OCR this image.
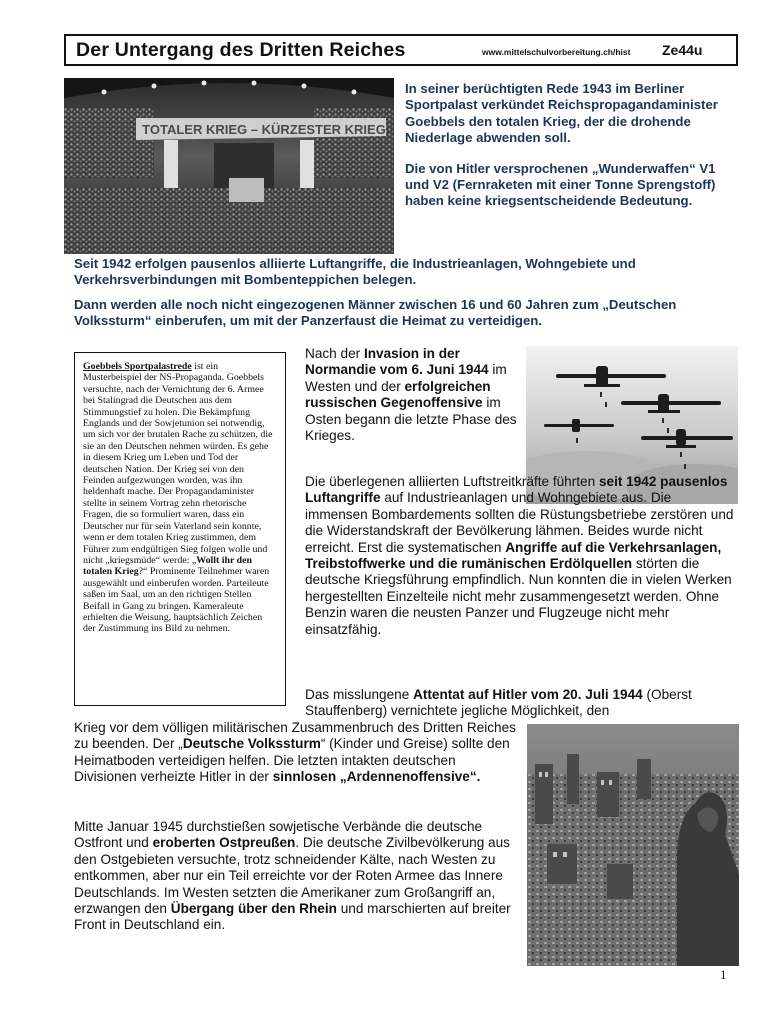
Der Untergang des Dritten Reiches	www.mittelschulvorbereitung.ch/hist Ze44u
TOTALER KRIEG – KÜRZESTER KRIEG

In seiner berüchtigten Rede 1943 im Berliner Sportpalast verkündet Reichspropagandaminister Goebbels den totalen Krieg, der die drohende Niederlage abwenden soll.

Die von Hitler versprochenen „Wunderwaffen“ V1 und V2 (Fernraketen mit einer Tonne Sprengstoff) haben keine kriegsentscheidende Bedeutung.

Seit 1942 erfolgen pausenlos alliierte Luftangriffe, die Industrieanlagen, Wohngebiete und Verkehrsverbindungen mit Bombenteppichen belegen.

Dann werden alle noch nicht eingezogenen Männer zwischen 16 und 60 Jahren zum „Deutschen Volkssturm“ einberufen, um mit der Panzerfaust die Heimat zu verteidigen.

Goebbels Sportpalastrede ist ein Musterbeispiel der NS-Propaganda. Goebbels versuchte, nach der Vernichtung der 6. Armee bei Stalingrad die Deutschen aus dem Stimmungstief zu holen. Die Bekämpfung Englands und der Sowjetunion sei notwendig, um sich vor der brutalen Rache zu schützen, die sie an den Deutschen nehmen würden. Es gehe in diesem Krieg um Leben und Tod der deutschen Nation. Der Krieg sei von den Feinden aufgezwungen worden, was ihn heldenhaft mache. Der Propagandaminister stellte in seinem Vortrag zehn rhetorische Fragen, die so formuliert waren, dass ein Deutscher nur für sein Vaterland sein konnte, wenn er dem totalen Krieg zustimmen, dem Führer zum endgültigen Sieg folgen wolle und nicht „kriegsmüde“ werde: „Wollt ihr den totalen Krieg?“ Prominente Teilnehmer waren ausgewählt und einberufen worden. Parteileute saßen im Saal, um an den richtigen Stellen Beifall in Gang zu bringen. Kameraleute erhielten die Weisung, hauptsächlich Zeichen der Zustimmung ins Bild zu nehmen.

Nach der Invasion in der Normandie vom 6. Juni 1944 im Westen und der erfolgreichen russischen Gegenoffensive im Osten begann die letzte Phase des Krieges.

Die überlegenen alliierten Luftstreitkräfte führten seit 1942 pausenlos Luftangriffe auf Industrieanlagen und Wohngebiete aus. Die immensen Bombardements sollten die Rüstungsbetriebe zerstören und die Widerstandskraft der Bevölkerung lähmen. Beides wurde nicht erreicht. Erst die systematischen Angriffe auf die Verkehrsanlagen, Treibstoffwerke und die rumänischen Erdölquellen störten die deutsche Kriegsführung empfindlich. Nun konnten die in vielen Werken hergestellten Einzelteile nicht mehr zusammengesetzt werden. Ohne Benzin waren die neusten Panzer und Flugzeuge nicht mehr einsatzfähig.

Das misslungene Attentat auf Hitler vom 20. Juli 1944 (Oberst Stauffenberg) vernichtete jegliche Möglichkeit, den

Krieg vor dem völligen militärischen Zusammenbruch des Dritten Reiches zu beenden. Der „Deutsche Volkssturm“ (Kinder und Greise) sollte den Heimatboden verteidigen helfen. Die letzten intakten deutschen Divisionen verheizte Hitler in der sinnlosen „Ardennenoffensive“.

Mitte Januar 1945 durchstießen sowjetische Verbände die deutsche Ostfront und eroberten Ostpreußen. Die deutsche Zivilbevölkerung aus den Ostgebieten versuchte, trotz schneidender Kälte, nach Westen zu entkommen, aber nur ein Teil erreichte vor der Roten Armee das Innere Deutschlands. Im Westen setzten die Amerikaner zum Großangriff an, erzwangen den Übergang über den Rhein und marschierten auf breiter Front in Deutschland ein.

1
